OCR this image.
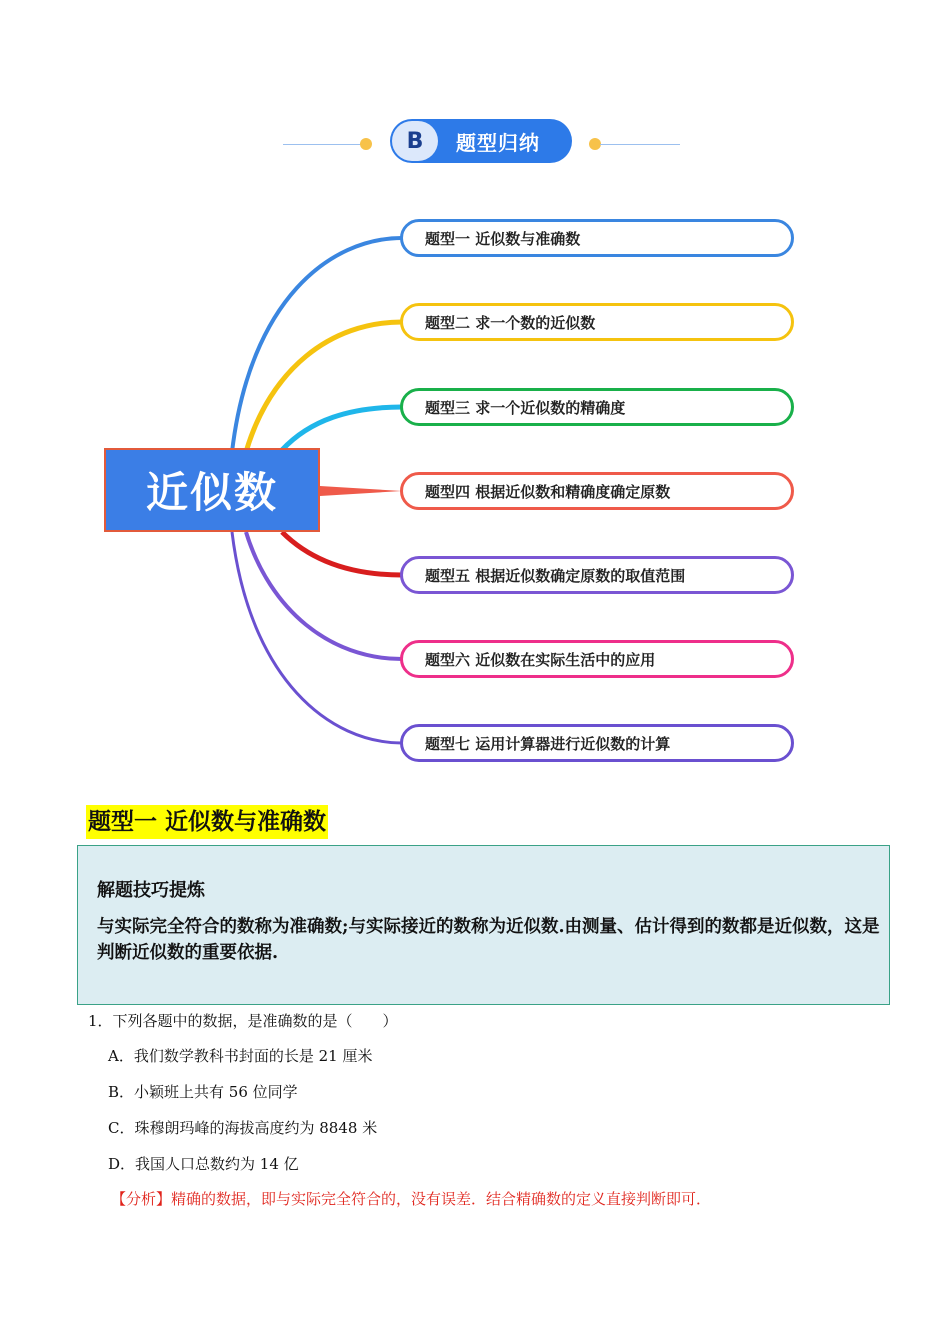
B	题型归纳
近似数
题型一 近似数与准确数
题型二 求一个数的近似数
题型三 求一个近似数的精确度
题型四 根据近似数和精确度确定原数
题型五 根据近似数确定原数的取值范围
题型六 近似数在实际生活中的应用
题型七 运用计算器进行近似数的计算
题型一 近似数与准确数
解题技巧提炼
与实际完全符合的数称为准确数;与实际接近的数称为近似数.由测量、估计得到的数都是近似数，这是判断近似数的重要依据.
1．下列各题中的数据，是准确数的是（　　）
A．我们数学教科书封面的长是 21 厘米
B．小颖班上共有 56 位同学
C．珠穆朗玛峰的海拔高度约为 8848 米
D．我国人口总数约为 14 亿
【分析】精确的数据，即与实际完全符合的，没有误差．结合精确数的定义直接判断即可．
